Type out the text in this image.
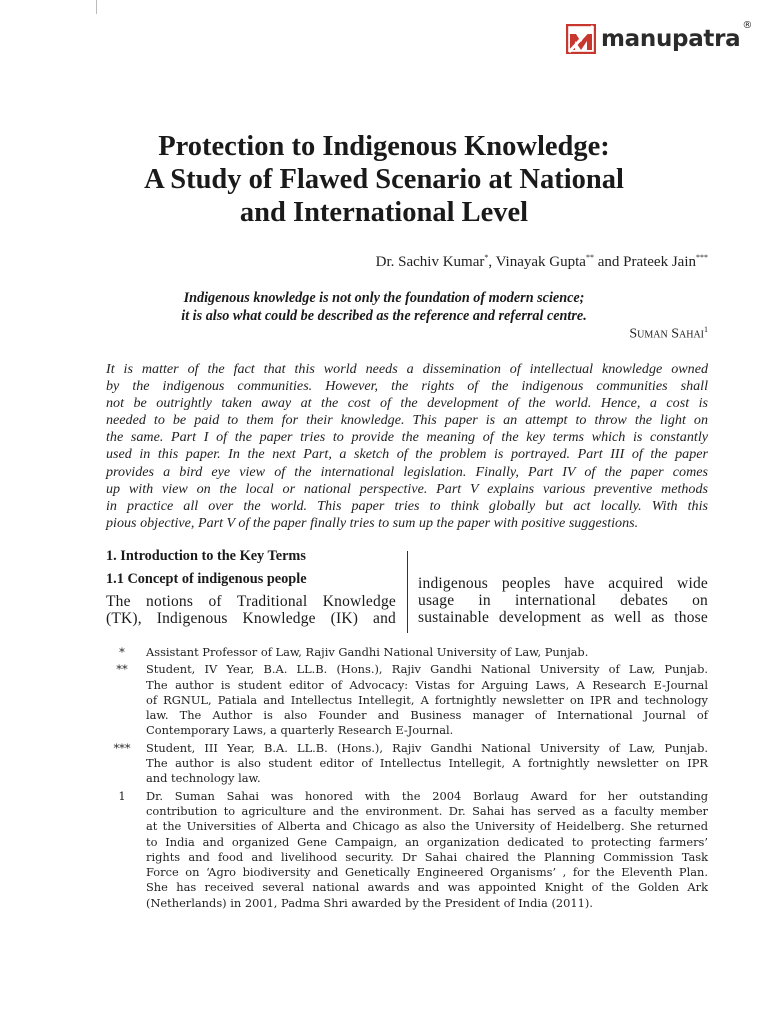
manupatra
®
Protection to Indigenous Knowledge:
A Study of Flawed Scenario at National
and International Level
Dr. Sachiv Kumar*, Vinayak Gupta** and Prateek Jain***
Indigenous knowledge is not only the foundation of modern science;
it is also what could be described as the reference and referral centre.
Suman Sahai$^1$
It is matter of the fact that this world needs a dissemination of intellectual knowledge owned
by the indigenous communities. However, the rights of the indigenous communities shall
not be outrightly taken away at the cost of the development of the world. Hence, a cost is
needed to be paid to them for their knowledge. This paper is an attempt to throw the light on
the same. Part I of the paper tries to provide the meaning of the key terms which is constantly
used in this paper. In the next Part, a sketch of the problem is portrayed. Part III of the paper
provides a bird eye view of the international legislation. Finally, Part IV of the paper comes
up with view on the local or national perspective. Part V explains various preventive methods
in practice all over the world. This paper tries to think globally but act locally. With this
pious objective, Part V of the paper finally tries to sum up the paper with positive suggestions.
1. Introduction to the Key Terms
1.1 Concept of indigenous people
The notions of Traditional Knowledge
(TK), Indigenous Knowledge (IK) and
indigenous peoples have acquired wide
usage in international debates on
sustainable development as well as those
*	Assistant Professor of Law, Rajiv Gandhi National University of Law, Punjab.
**	Student, IV Year, B.A. LL.B. (Hons.), Rajiv Gandhi National University of Law, Punjab.
The author is student editor of Advocacy: Vistas for Arguing Laws, A Research E-Journal
of RGNUL, Patiala and Intellectus Intellegit, A fortnightly newsletter on IPR and technology
law. The Author is also Founder and Business manager of International Journal of
Contemporary Laws, a quarterly Research E-Journal.
***	Student, III Year, B.A. LL.B. (Hons.), Rajiv Gandhi National University of Law, Punjab.
The author is also student editor of Intellectus Intellegit, A fortnightly newsletter on IPR
and technology law.
1	Dr. Suman Sahai was honored with the 2004 Borlaug Award for her outstanding
contribution to agriculture and the environment. Dr. Sahai has served as a faculty member
at the Universities of Alberta and Chicago as also the University of Heidelberg. She returned
to India and organized Gene Campaign, an organization dedicated to protecting farmers’
rights and food and livelihood security. Dr Sahai chaired the Planning Commission Task
Force on ‘Agro biodiversity and Genetically Engineered Organisms’ , for the Eleventh Plan.
She has received several national awards and was appointed Knight of the Golden Ark
(Netherlands) in 2001, Padma Shri awarded by the President of India (2011).
